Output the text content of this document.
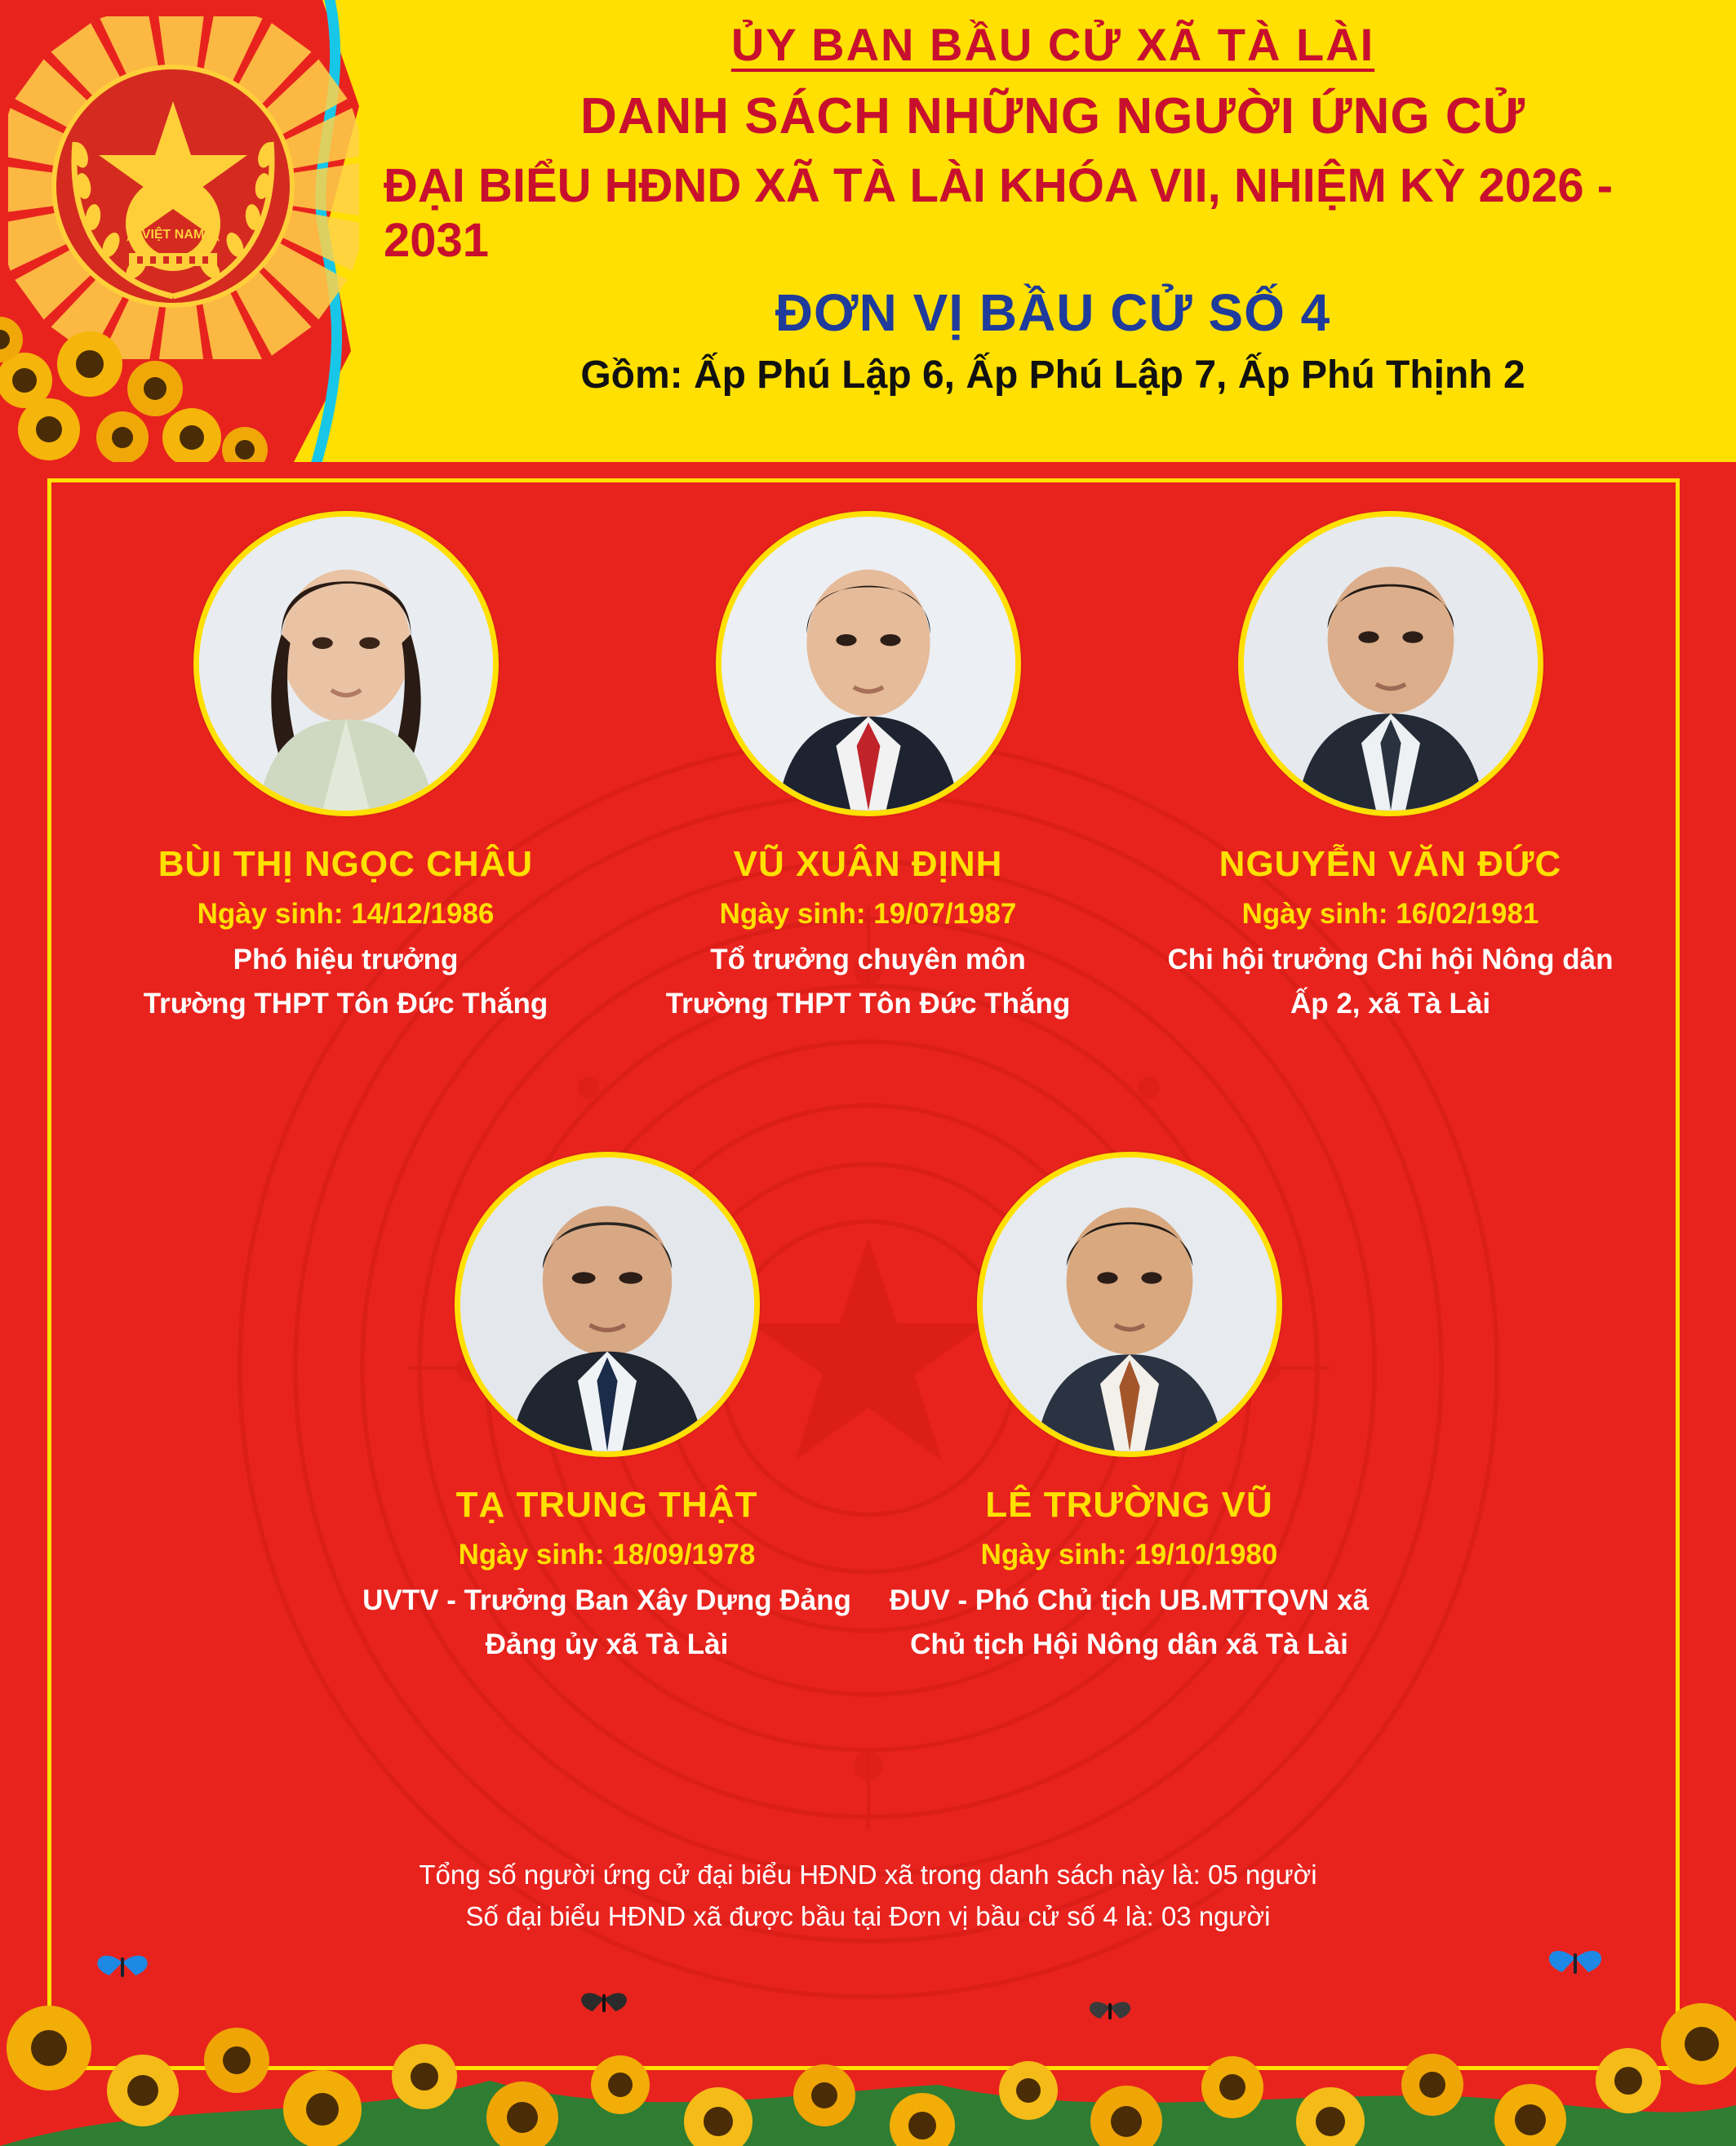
VIỆT NAM
ỦY BAN BẦU CỬ XÃ TÀ LÀI
DANH SÁCH NHỮNG NGƯỜI ỨNG CỬ
ĐẠI BIỂU HĐND XÃ TÀ LÀI KHÓA VII, NHIỆM KỲ 2026 - 2031
ĐƠN VỊ BẦU CỬ SỐ 4
Gồm: Ấp Phú Lập 6, Ấp Phú Lập 7, Ấp Phú Thịnh 2
BÙI THỊ NGỌC CHÂU
Ngày sinh: 14/12/1986
Phó hiệu trưởng
Trường THPT Tôn Đức Thắng
VŨ XUÂN ĐỊNH
Ngày sinh: 19/07/1987
Tổ trưởng chuyên môn
Trường THPT Tôn Đức Thắng
NGUYỄN VĂN ĐỨC
Ngày sinh: 16/02/1981
Chi hội trưởng Chi hội Nông dân
Ấp 2, xã Tà Lài
TẠ TRUNG THẬT
Ngày sinh: 18/09/1978
UVTV - Trưởng Ban Xây Dựng Đảng
Đảng ủy xã Tà Lài
LÊ TRƯỜNG VŨ
Ngày sinh: 19/10/1980
ĐUV - Phó Chủ tịch UB.MTTQVN xã
Chủ tịch Hội Nông dân xã Tà Lài
Tổng số người ứng cử đại biểu HĐND xã trong danh sách này là: 05 người
Số đại biểu HĐND xã được bầu tại Đơn vị bầu cử số 4 là: 03 người
